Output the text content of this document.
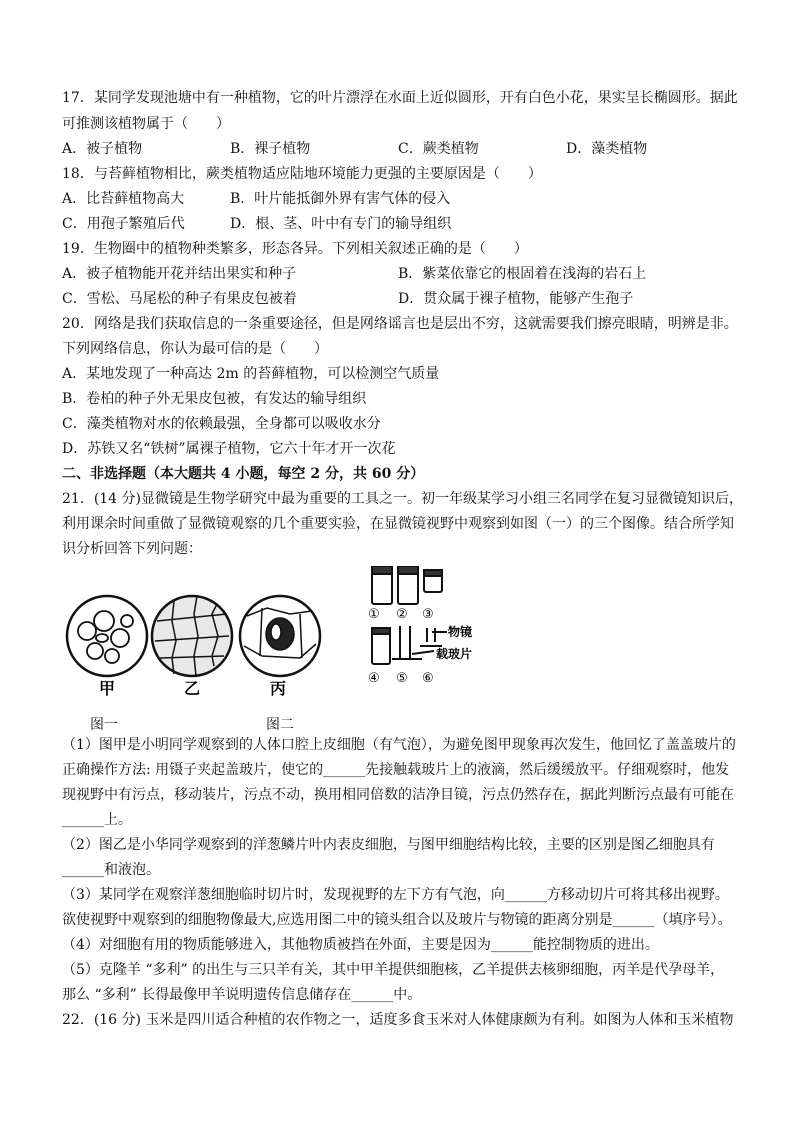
17．某同学发现池塘中有一种植物，它的叶片漂浮在水面上近似圆形，开有白色小花，果实呈长椭圆形。据此
可推测该植物属于（　　）
A．被子植物	B．裸子植物	C．蕨类植物	D．藻类植物
18．与苔藓植物相比，蕨类植物适应陆地环境能力更强的主要原因是（　　）
A．比苔藓植物高大	B．叶片能抵御外界有害气体的侵入
C．用孢子繁殖后代	D．根、茎、叶中有专门的输导组织
19．生物圈中的植物种类繁多，形态各异。下列相关叙述正确的是（　　）
A．被子植物能开花并结出果实和种子	B．紫菜依靠它的根固着在浅海的岩石上
C．雪松、马尾松的种子有果皮包被着	D．贯众属于裸子植物，能够产生孢子
20．网络是我们获取信息的一条重要途径，但是网络谣言也是层出不穷，这就需要我们擦亮眼睛，明辨是非。
下列网络信息，你认为最可信的是（　　）
A．某地发现了一种高达 2m 的苔藓植物，可以检测空气质量
B．卷柏的种子外无果皮包被，有发达的输导组织
C．藻类植物对水的依赖最强，全身都可以吸收水分
D．苏铁又名“铁树”属裸子植物，它六十年才开一次花
二、非选择题（本大题共 4 小题，每空 2 分，共 60 分）
21．(14 分)显微镜是生物学研究中最为重要的工具之一。初一年级某学习小组三名同学在复习显微镜知识后，
利用课余时间重做了显微镜观察的几个重要实验，在显微镜视野中观察到如图（一）的三个图像。结合所学知
识分析回答下列问题：
甲	乙	丙
① ② ③
④ ⑤ ⑥
物镜
载玻片
图一	图二
（1）图甲是小明同学观察到的人体口腔上皮细胞（有气泡），为避免图甲现象再次发生，他回忆了盖盖玻片的
正确操作方法: 用镊子夹起盖玻片，使它的______先接触载玻片上的液滴，然后缓缓放平。仔细观察时，他发
现视野中有污点，移动装片，污点不动，换用相同倍数的洁净目镜，污点仍然存在，据此判断污点最有可能在
______上。
（2）图乙是小华同学观察到的洋葱鳞片叶内表皮细胞，与图甲细胞结构比较，主要的区别是图乙细胞具有
______和液泡。
（3）某同学在观察洋葱细胞临时切片时，发现视野的左下方有气泡，向______方移动切片可将其移出视野。
欲使视野中观察到的细胞物像最大,应选用图二中的镜头组合以及玻片与物镜的距离分别是______（填序号）。
（4）对细胞有用的物质能够进入，其他物质被挡在外面，主要是因为______能控制物质的进出。
（5）克隆羊 “多利” 的出生与三只羊有关，其中甲羊提供细胞核，乙羊提供去核卵细胞，丙羊是代孕母羊，
那么 “多利” 长得最像甲羊说明遗传信息储存在______中。
22．(16 分) 玉米是四川适合种植的农作物之一，适度多食玉米对人体健康颇为有利。如图为人体和玉米植物
